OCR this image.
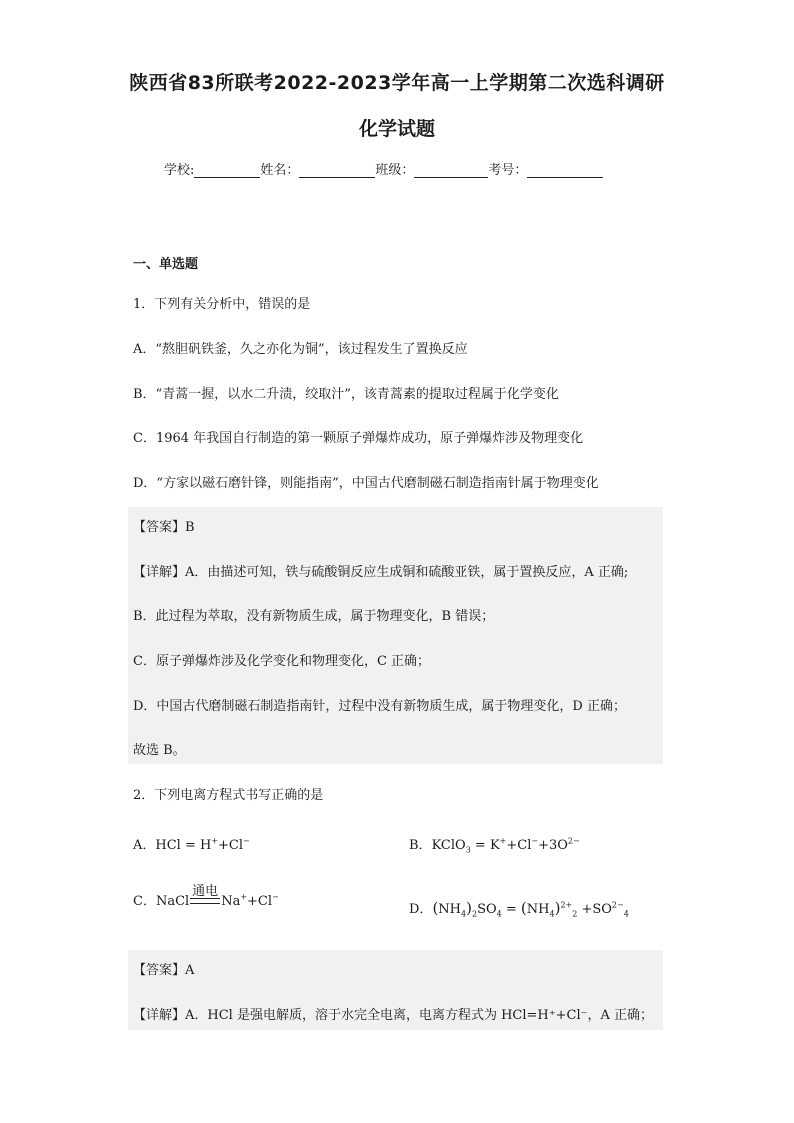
陕西省83所联考2022-2023学年高一上学期第二次选科调研
化学试题
学校:	姓名：	班级：	考号：
一、单选题
1．下列有关分析中，错误的是
A．“熬胆矾铁釜，久之亦化为铜”，该过程发生了置换反应
B．“青蒿一握，以水二升渍，绞取汁”，该青蒿素的提取过程属于化学变化
C．1964 年我国自行制造的第一颗原子弹爆炸成功，原子弹爆炸涉及物理变化
D．“方家以磁石磨针锋，则能指南”，中国古代磨制磁石制造指南针属于物理变化
【答案】B
【详解】A．由描述可知，铁与硫酸铜反应生成铜和硫酸亚铁，属于置换反应，A 正确;
B．此过程为萃取，没有新物质生成，属于物理变化，B 错误；
C．原子弹爆炸涉及化学变化和物理变化，C 正确；
D．中国古代磨制磁石制造指南针，过程中没有新物质生成，属于物理变化，D 正确；
故选 B。
2．下列电离方程式书写正确的是
A．HCl = H++Cl−	B．KClO$_3$ = $K^++Cl^-+3O^{2-}$
C．NaCl
通电
Na++Cl−
D．$(NH_4)_2SO_4 = (NH_4)^{2+}_2 +SO^{2-}_4$
【答案】A
【详解】A．HCl 是强电解质，溶于水完全电离，电离方程式为 HCl=H⁺+Cl⁻，A 正确；
